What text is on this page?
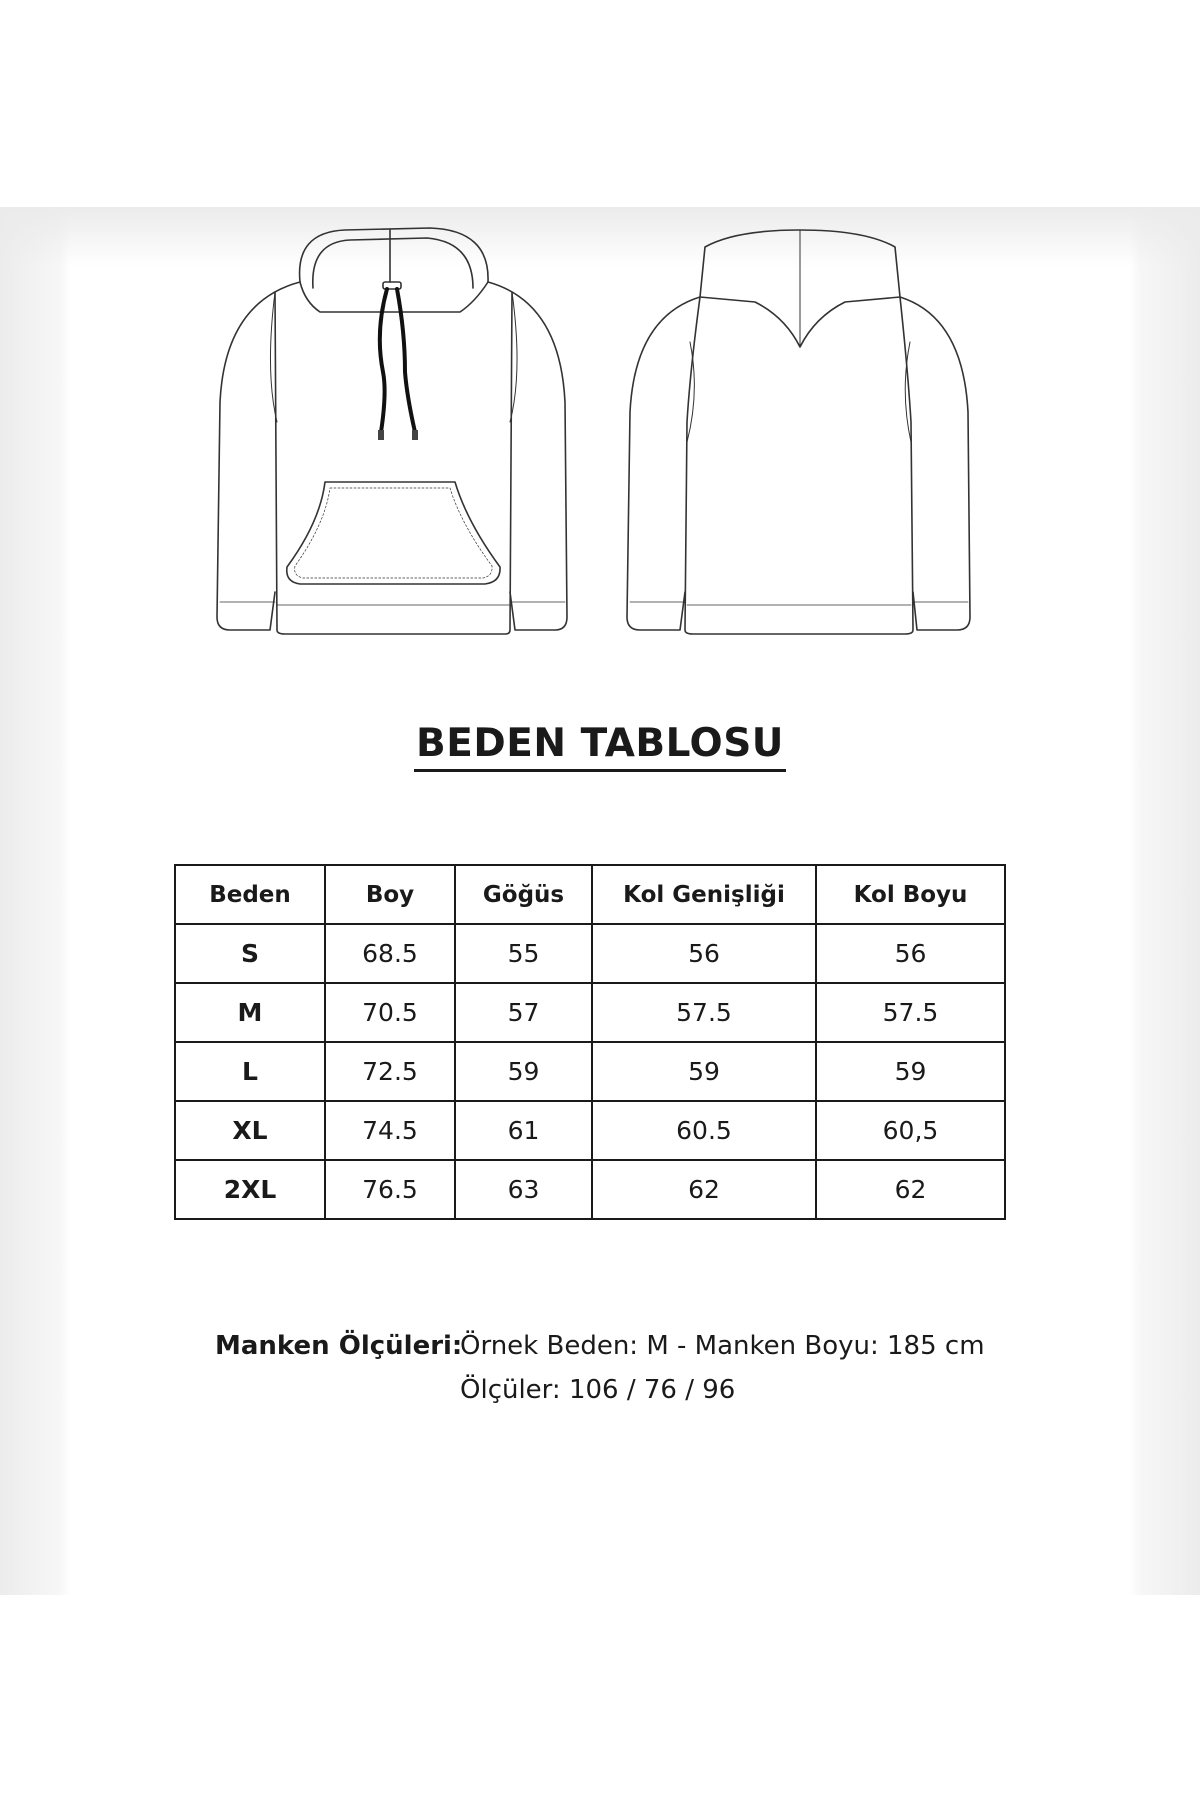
BEDEN TABLOSU
Beden	Boy	Göğüs	Kol Genişliği	Kol Boyu
S	68.5	55	56	56
M	70.5	57	57.5	57.5
L	72.5	59	59	59
XL	74.5	61	60.5	60,5
2XL	76.5	63	62	62
Manken Ölçüleri:
Örnek Beden: M - Manken Boyu: 185 cm
Ölçüler: 106 / 76 / 96
